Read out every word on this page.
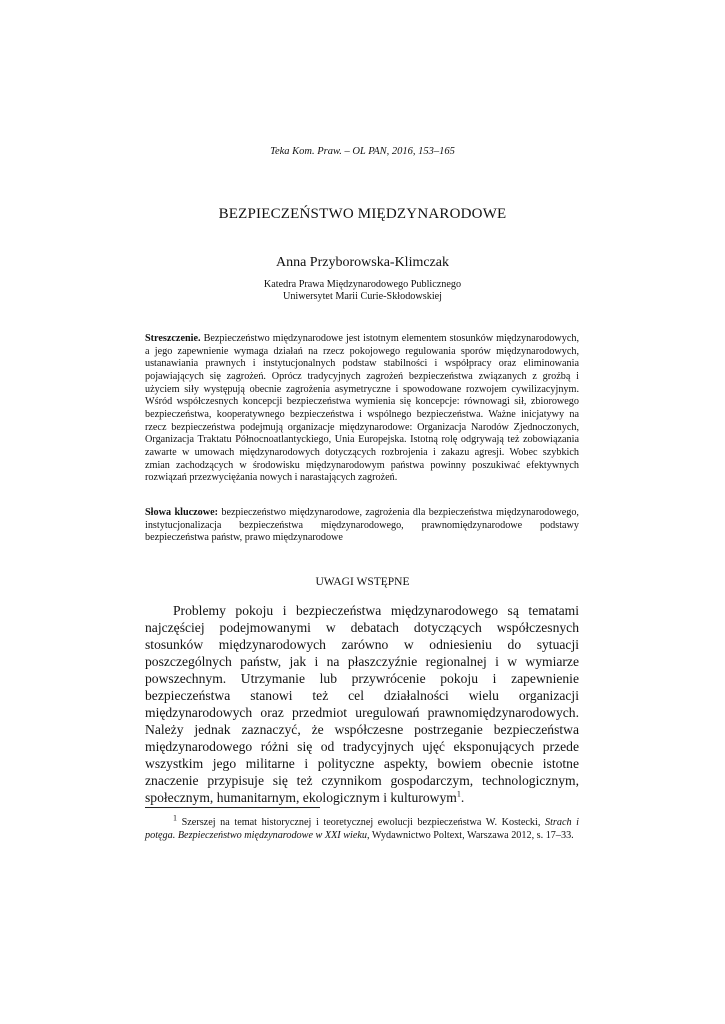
Teka Kom. Praw. – OL PAN, 2016, 153–165
BEZPIECZEŃSTWO MIĘDZYNARODOWE
Anna Przyborowska-Klimczak
Katedra Prawa Międzynarodowego Publicznego
Uniwersytet Marii Curie-Skłodowskiej
Streszczenie. Bezpieczeństwo międzynarodowe jest istotnym elementem stosunków międzynarodowych, a jego zapewnienie wymaga działań na rzecz pokojowego regulowania sporów międzynarodowych, ustanawiania prawnych i instytucjonalnych podstaw stabilności i współpracy oraz eliminowania pojawiających się zagrożeń. Oprócz tradycyjnych zagrożeń bezpieczeństwa związanych z groźbą i użyciem siły występują obecnie zagrożenia asymetryczne i spowodowane rozwojem cywilizacyjnym. Wśród współczesnych koncepcji bezpieczeństwa wymienia się koncepcje: równowagi sił, zbiorowego bezpieczeństwa, kooperatywnego bezpieczeństwa i wspólnego bezpieczeństwa. Ważne inicjatywy na rzecz bezpieczeństwa podejmują organizacje międzynarodowe: Organizacja Narodów Zjednoczonych, Organizacja Traktatu Północnoatlantyckiego, Unia Europejska. Istotną rolę odgrywają też zobowiązania zawarte w umowach międzynarodowych dotyczących rozbrojenia i zakazu agresji. Wobec szybkich zmian zachodzących w środowisku międzynarodowym państwa powinny poszukiwać efektywnych rozwiązań przezwyciężania nowych i narastających zagrożeń.
Słowa kluczowe: bezpieczeństwo międzynarodowe, zagrożenia dla bezpieczeństwa międzynarodowego, instytucjonalizacja bezpieczeństwa międzynarodowego, prawnomiędzynarodowe podstawy bezpieczeństwa państw, prawo międzynarodowe
UWAGI WSTĘPNE
Problemy pokoju i bezpieczeństwa międzynarodowego są tematami najczęściej podejmowanymi w debatach dotyczących współczesnych stosunków międzynarodowych zarówno w odniesieniu do sytuacji poszczególnych państw, jak i na płaszczyźnie regionalnej i w wymiarze powszechnym. Utrzymanie lub przywrócenie pokoju i zapewnienie bezpieczeństwa stanowi też cel działalności wielu organizacji międzynarodowych oraz przedmiot uregulowań prawnomiędzynarodowych. Należy jednak zaznaczyć, że współczesne postrzeganie bezpieczeństwa międzynarodowego różni się od tradycyjnych ujęć eksponujących przede wszystkim jego militarne i polityczne aspekty, bowiem obecnie istotne znaczenie przypisuje się też czynnikom gospodarczym, technologicznym, społecznym, humanitarnym, ekologicznym i kulturowym$^1$.
$^1$ Szerszej na temat historycznej i teoretycznej ewolucji bezpieczeństwa W. Kostecki, Strach i potęga. Bezpieczeństwo międzynarodowe w XXI wieku, Wydawnictwo Poltext, Warszawa 2012, s. 17–33.
